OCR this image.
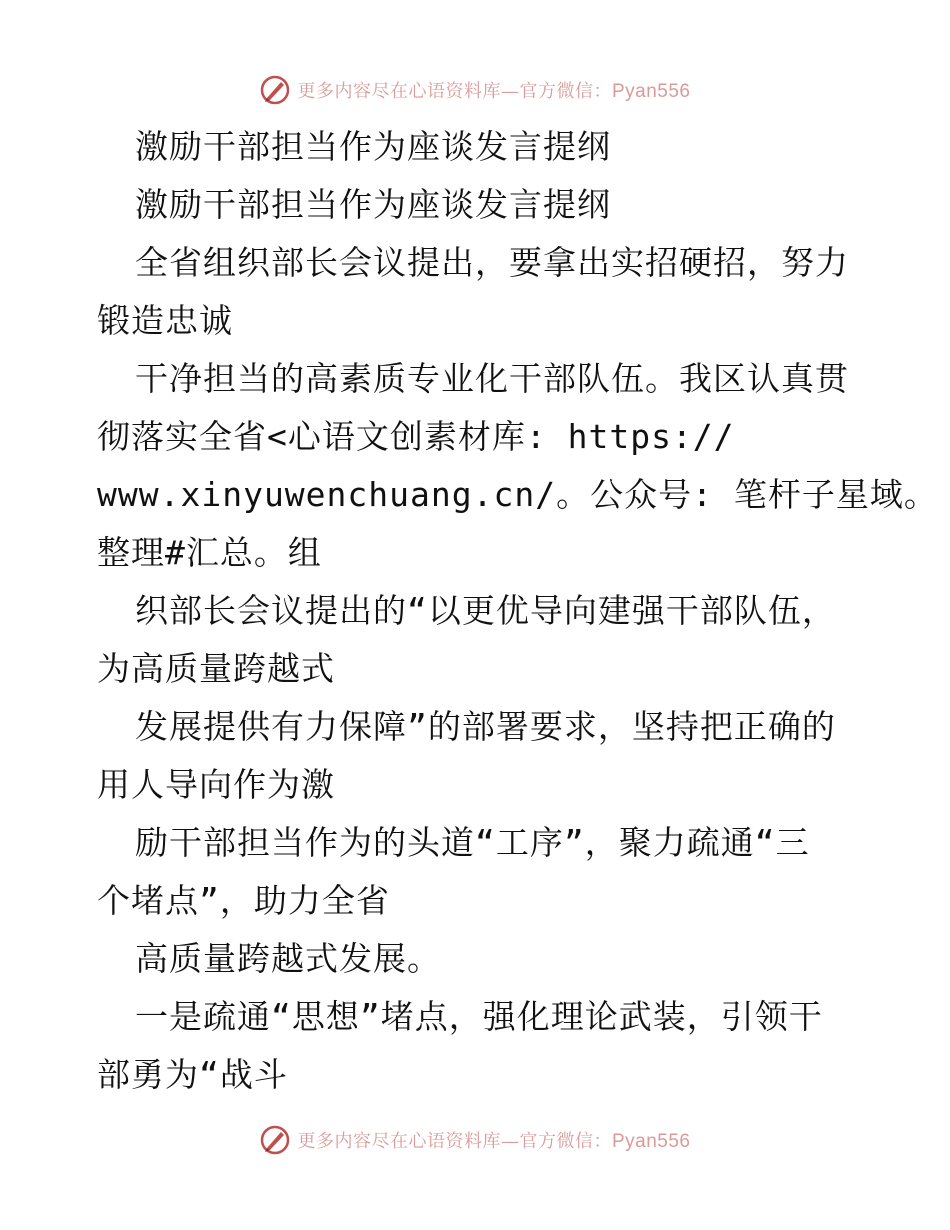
更多内容尽在心语资料库—官方微信：Pyan556
激励干部担当作为座谈发言提纲
激励干部担当作为座谈发言提纲
全省组织部长会议提出，要拿出实招硬招，努力
锻造忠诚
干净担当的高素质专业化干部队伍。我区认真贯
彻落实全省<心语文创素材库: https://
www.xinyuwenchuang.cn/。公众号: 笔杆子星域。
整理#汇总。组
织部长会议提出的“以更优导向建强干部队伍，
为高质量跨越式
发展提供有力保障”的部署要求，坚持把正确的
用人导向作为激
励干部担当作为的头道“工序”，聚力疏通“三
个堵点”，助力全省
高质量跨越式发展。
一是疏通“思想”堵点，强化理论武装，引领干
部勇为“战斗
更多内容尽在心语资料库—官方微信：Pyan556
